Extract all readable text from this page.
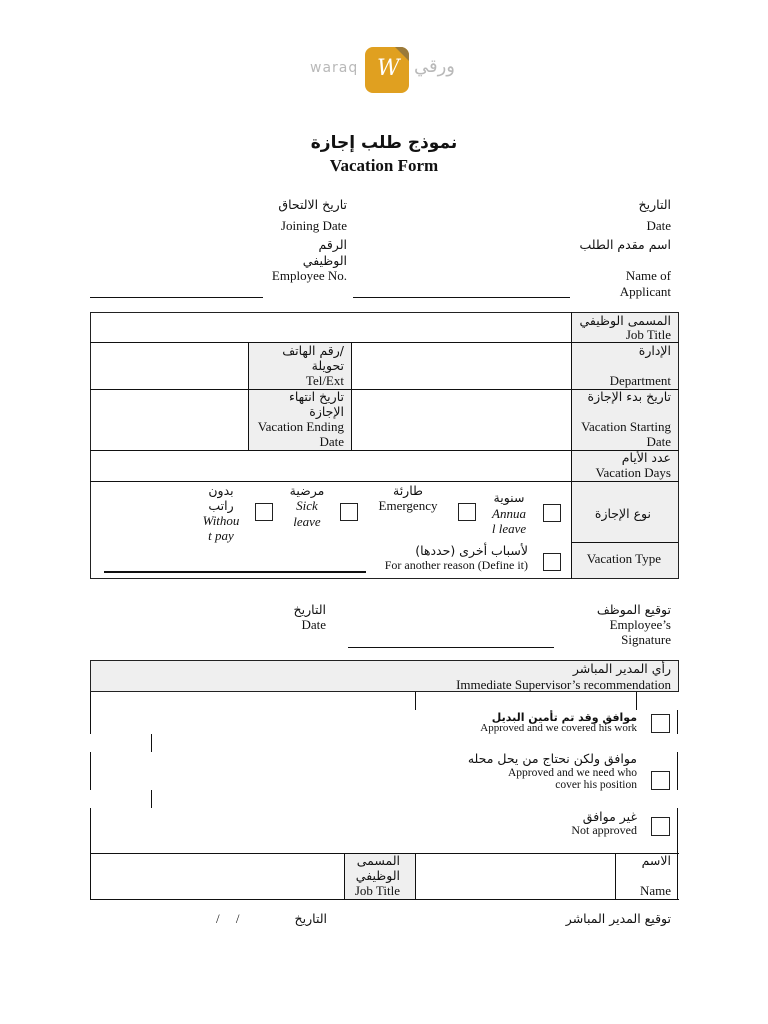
waraq W ورقي
نموذج طلب إجازة
Vacation Form
تاريخ الالتحاق
Joining Date
الرقم
الوظيفي
Employee No.
التاريخ
Date
اسم مقدم الطلب
Name of
Applicant
المسمى الوظيفي
Job Title
رقم الهاتف/
تحويلة
Tel/Ext
الإدارة
Department
تاريخ انتهاء
الإجازة
Vacation Ending
Date
تاريخ بدء الإجازة
Vacation Starting
Date
عدد الأيام
Vacation Days
نوع الإجازة
Vacation Type
سنوية
Annua
l leave
طارئة
Emergency
مرضية
Sick
leave
بدون
راتب
Withou
t pay
لأسباب أخرى (حددها)
For another reason (Define it)
التاريخ
Date
توقيع الموظف
Employee’s
Signature
رأي المدير المباشر
Immediate Supervisor’s recommendation
موافق وقد تم تأمين البديل
Approved and we covered his work
موافق ولكن نحتاج من يحل محله
Approved and we need who
cover his position
غير موافق
Not approved
المسمى
الوظيفي
Job Title
الاسم
Name
توقيع المدير المباشر
التاريخ
/     /
